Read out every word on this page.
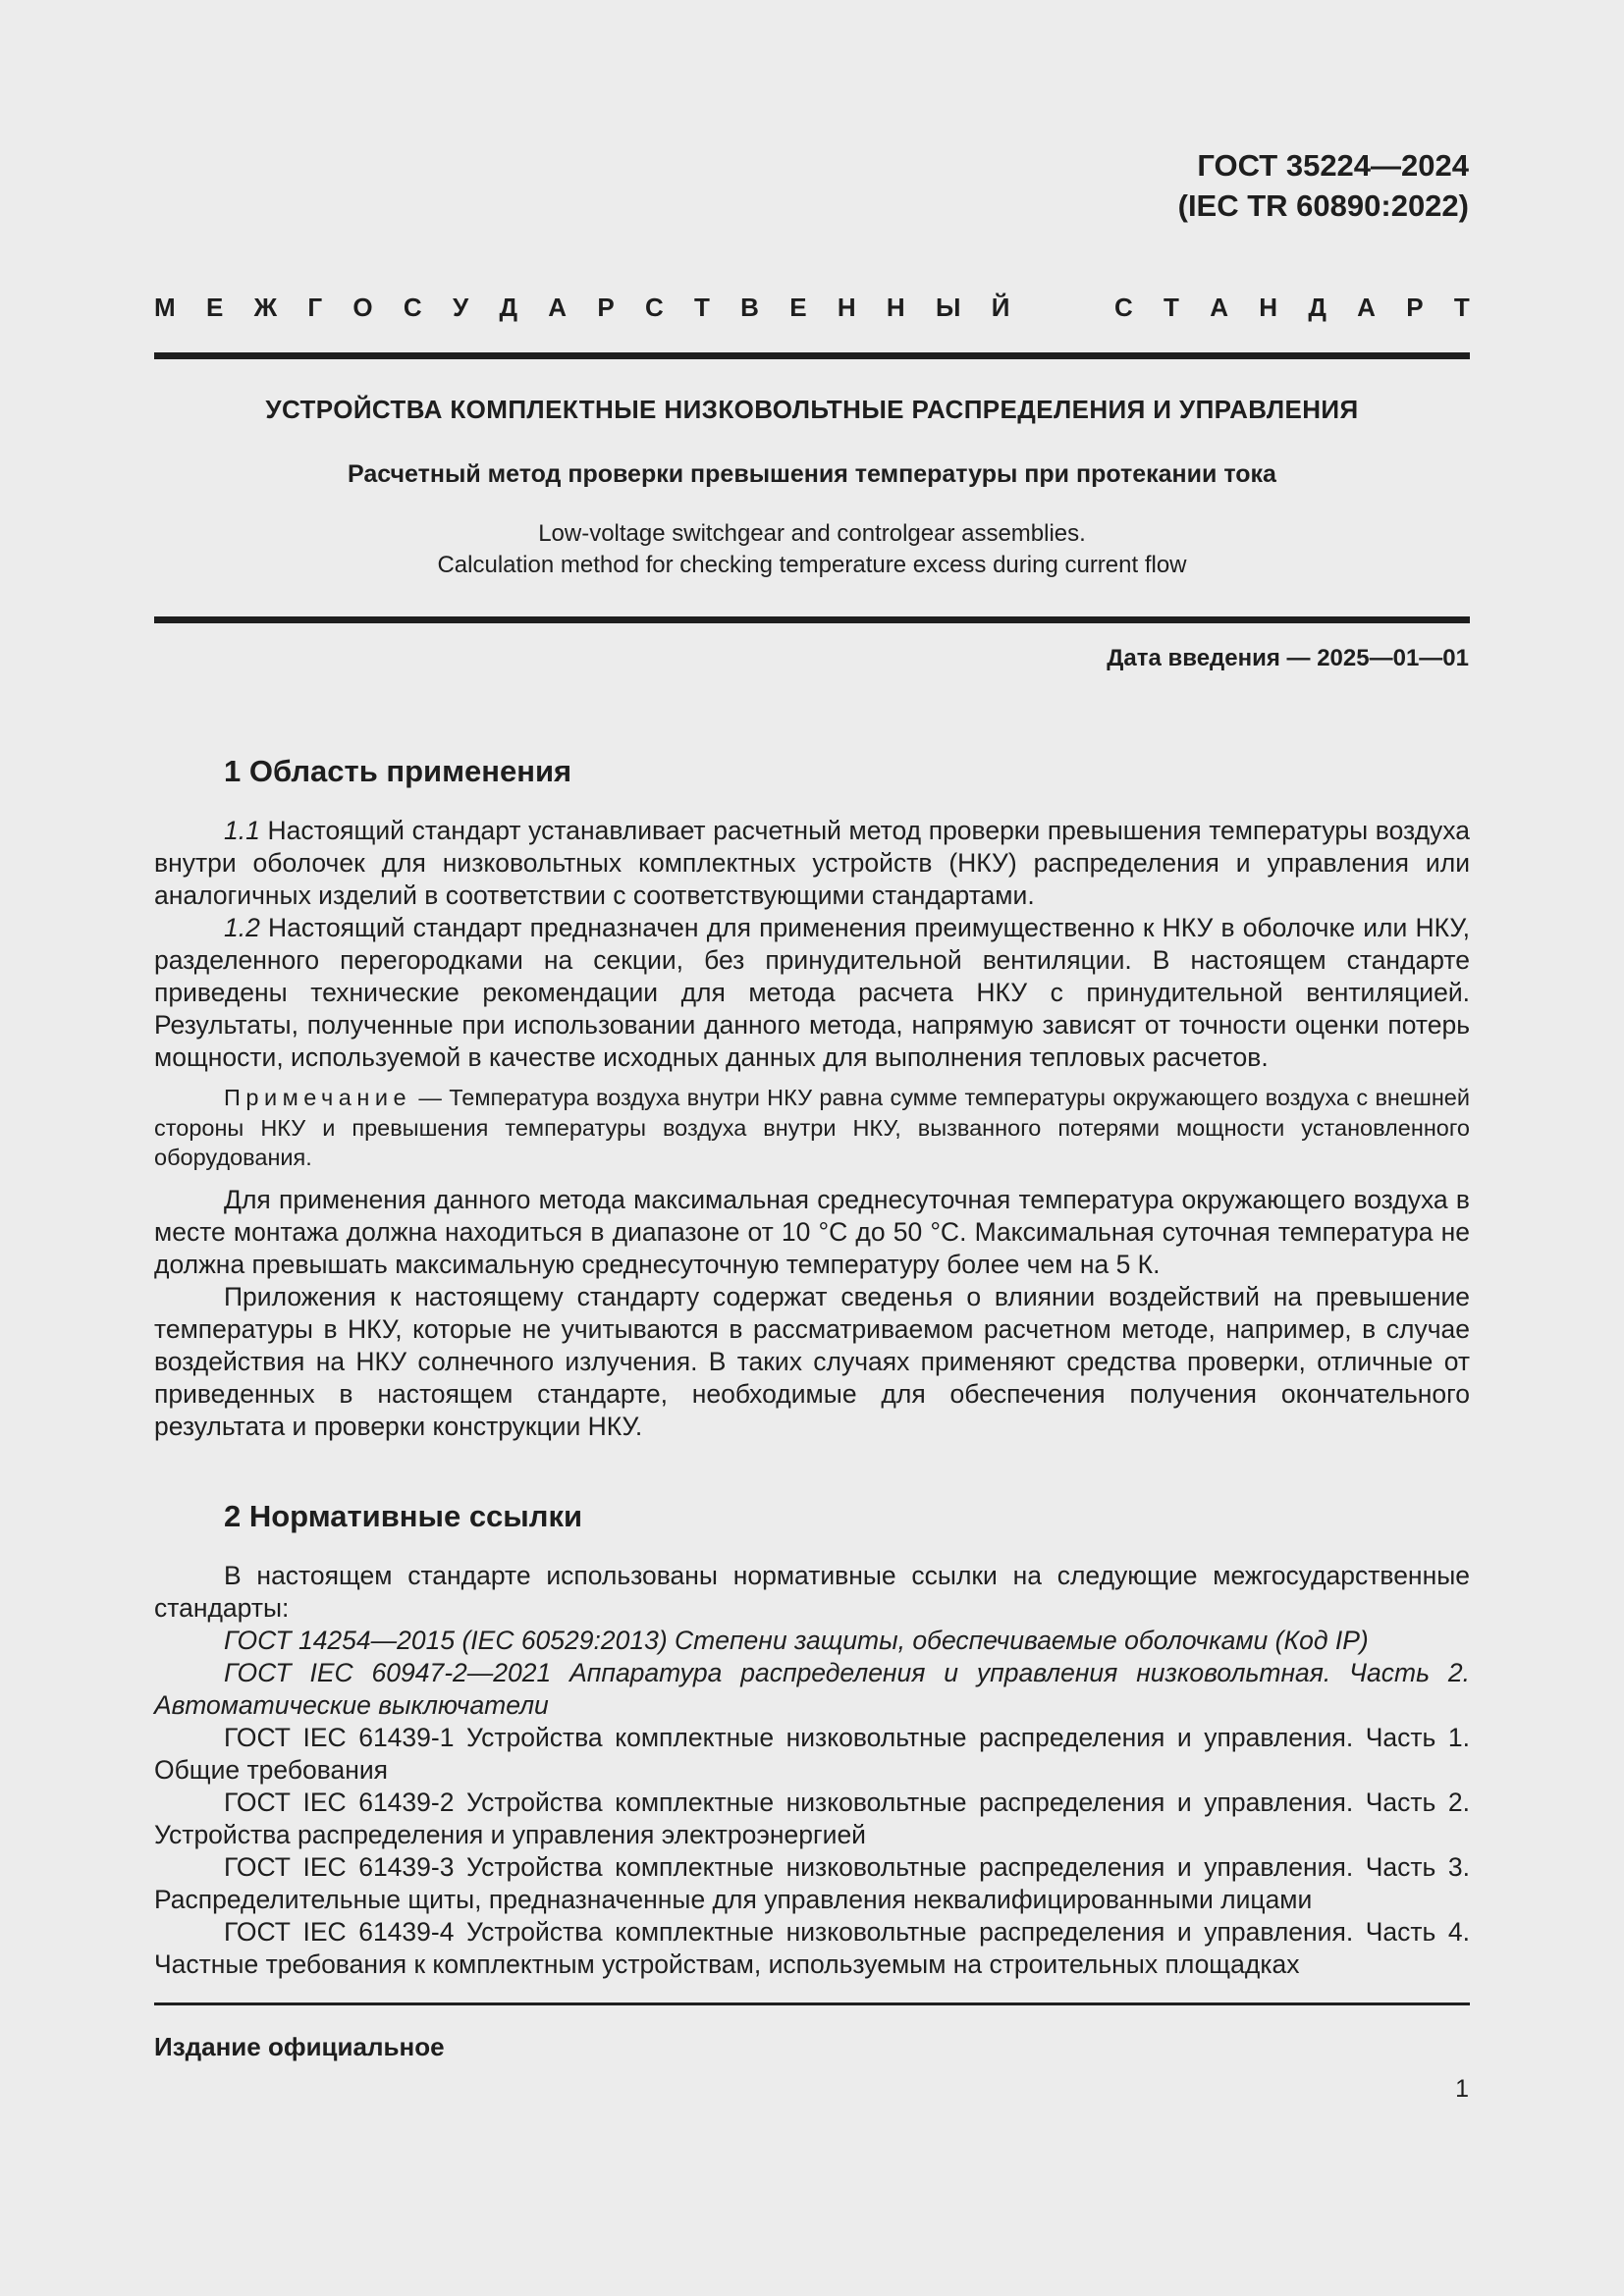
ГОСТ 35224—2024
(IEC TR 60890:2022)
М Е Ж Г О С У Д А Р С Т В Е Н Н Ы Й	С Т А Н Д А Р Т
УСТРОЙСТВА КОМПЛЕКТНЫЕ НИЗКОВОЛЬТНЫЕ РАСПРЕДЕЛЕНИЯ И УПРАВЛЕНИЯ
Расчетный метод проверки превышения температуры при протекании тока
Low-voltage switchgear and controlgear assemblies.
Calculation method for checking temperature excess during current flow
Дата введения — 2025—01—01
1 Область применения

1.1 Настоящий стандарт устанавливает расчетный метод проверки превышения температуры воздуха внутри оболочек для низковольтных комплектных устройств (НКУ) распределения и управления или аналогичных изделий в соответствии с соответствующими стандартами.

1.2 Настоящий стандарт предназначен для применения преимущественно к НКУ в оболочке или НКУ, разделенного перегородками на секции, без принудительной вентиляции. В настоящем стандарте приведены технические рекомендации для метода расчета НКУ с принудительной вентиляцией. Результаты, полученные при использовании данного метода, напрямую зависят от точности оценки потерь мощности, используемой в качестве исходных данных для выполнения тепловых расчетов.

Примечание — Температура воздуха внутри НКУ равна сумме температуры окружающего воздуха с внешней стороны НКУ и превышения температуры воздуха внутри НКУ, вызванного потерями мощности установленного оборудования.

Для применения данного метода максимальная среднесуточная температура окружающего воздуха в месте монтажа должна находиться в диапазоне от 10 °С до 50 °С. Максимальная суточная температура не должна превышать максимальную среднесуточную температуру более чем на 5 К.

Приложения к настоящему стандарту содержат сведенья о влиянии воздействий на превышение температуры в НКУ, которые не учитываются в рассматриваемом расчетном методе, например, в случае воздействия на НКУ солнечного излучения. В таких случаях применяют средства проверки, отличные от приведенных в настоящем стандарте, необходимые для обеспечения получения окончательного результата и проверки конструкции НКУ.

2 Нормативные ссылки

В настоящем стандарте использованы нормативные ссылки на следующие межгосударственные стандарты:

ГОСТ 14254—2015 (IEC 60529:2013) Степени защиты, обеспечиваемые оболочками (Код IP)

ГОСТ IEC 60947-2—2021 Аппаратура распределения и управления низковольтная. Часть 2. Автоматические выключатели

ГОСТ IEC 61439-1 Устройства комплектные низковольтные распределения и управления. Часть 1. Общие требования

ГОСТ IEC 61439-2 Устройства комплектные низковольтные распределения и управления. Часть 2. Устройства распределения и управления электроэнергией

ГОСТ IEC 61439-3 Устройства комплектные низковольтные распределения и управления. Часть 3. Распределительные щиты, предназначенные для управления неквалифицированными лицами

ГОСТ IEC 61439-4 Устройства комплектные низковольтные распределения и управления. Часть 4. Частные требования к комплектным устройствам, используемым на строительных площадках

Издание официальное
1
